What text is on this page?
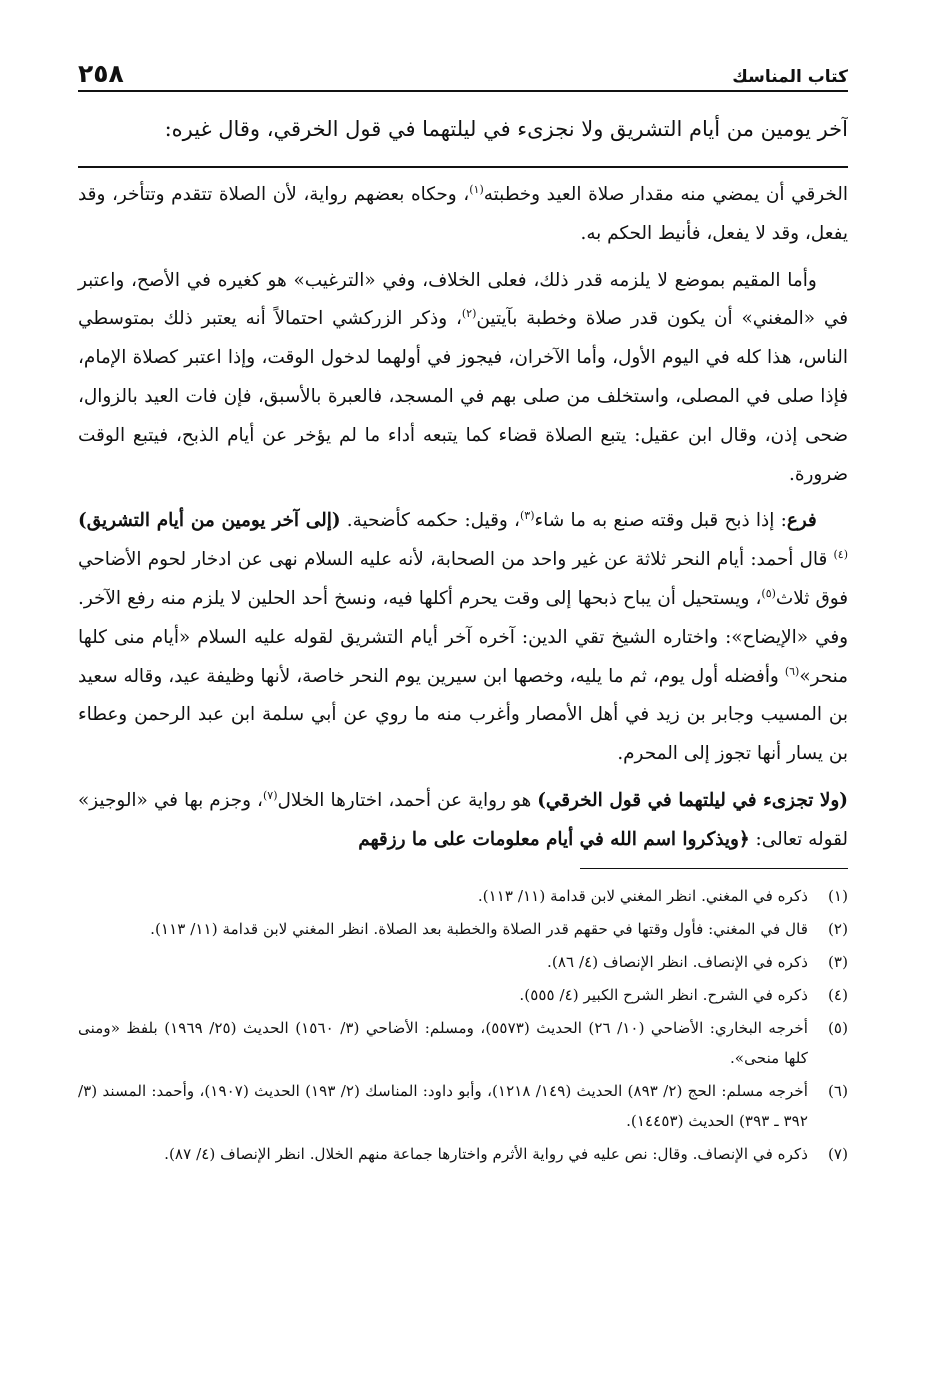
كتاب المناسك
٢٥٨
آخر يومين من أيام التشريق ولا نجزىء في ليلتهما في قول الخرقي، وقال غيره:

الخرقي أن يمضي منه مقدار صلاة العيد وخطبته$^{(١)}$، وحكاه بعضهم رواية، لأن الصلاة تتقدم وتتأخر، وقد يفعل، وقد لا يفعل، فأنيط الحكم به.

وأما المقيم بموضع لا يلزمه قدر ذلك، فعلى الخلاف، وفي «الترغيب» هو كغيره في الأصح، واعتبر في «المغني» أن يكون قدر صلاة وخطبة بآيتين$^{(٢)}$، وذكر الزركشي احتمالاً أنه يعتبر ذلك بمتوسطي الناس، هذا كله في اليوم الأول، وأما الآخران، فيجوز في أولهما لدخول الوقت، وإذا اعتبر كصلاة الإمام، فإذا صلى في المصلى، واستخلف من صلى بهم في المسجد، فالعبرة بالأسبق، فإن فات العيد بالزوال، ضحى إذن، وقال ابن عقيل: يتبع الصلاة قضاء كما يتبعه أداء ما لم يؤخر عن أيام الذبح، فيتبع الوقت ضرورة.

فرع: إذا ذبح قبل وقته صنع به ما شاء$^{(٣)}$، وقيل: حكمه كأضحية. (إلى آخر يومين من أيام التشريق)$^{(٤)}$ قال أحمد: أيام النحر ثلاثة عن غير واحد من الصحابة، لأنه عليه السلام نهى عن ادخار لحوم الأضاحي فوق ثلاث$^{(٥)}$، ويستحيل أن يباح ذبحها إلى وقت يحرم أكلها فيه، ونسخ أحد الحلين لا يلزم منه رفع الآخر. وفي «الإيضاح»: واختاره الشيخ تقي الدين: آخره آخر أيام التشريق لقوله عليه السلام «أيام منى كلها منحر»$^{(٦)}$ وأفضله أول يوم، ثم ما يليه، وخصها ابن سيرين يوم النحر خاصة، لأنها وظيفة عيد، وقاله سعيد بن المسيب وجابر بن زيد في أهل الأمصار وأغرب منه ما روي عن أبي سلمة ابن عبد الرحمن وعطاء بن يسار أنها تجوز إلى المحرم.

(ولا تجزىء في ليلتهما في قول الخرقي) هو رواية عن أحمد، اختارها الخلال$^{(٧)}$، وجزم بها في «الوجيز» لقوله تعالى: ﴿ويذكروا اسم الله في أيام معلومات على ما رزقهم

(١)
ذكره في المغني. انظر المغني لابن قدامة (١١/ ١١٣).
(٢)
قال في المغني: فأول وقتها في حقهم قدر الصلاة والخطبة بعد الصلاة. انظر المغني لابن قدامة (١١/ ١١٣).
(٣)
ذكره في الإنصاف. انظر الإنصاف (٤/ ٨٦).
(٤)
ذكره في الشرح. انظر الشرح الكبير (٤/ ٥٥٥).
(٥)
أخرجه البخاري: الأضاحي (١٠/ ٢٦) الحديث (٥٥٧٣)، ومسلم: الأضاحي (٣/ ١٥٦٠) الحديث (٢٥/ ١٩٦٩) بلفظ «ومنى كلها منحى».
(٦)
أخرجه مسلم: الحج (٢/ ٨٩٣) الحديث (١٤٩/ ١٢١٨)، وأبو داود: المناسك (٢/ ١٩٣) الحديث (١٩٠٧)، وأحمد: المسند (٣/ ٣٩٢ ـ ٣٩٣) الحديث (١٤٤٥٣).
(٧)
ذكره في الإنصاف. وقال: نص عليه في رواية الأثرم واختارها جماعة منهم الخلال. انظر الإنصاف (٤/ ٨٧).
